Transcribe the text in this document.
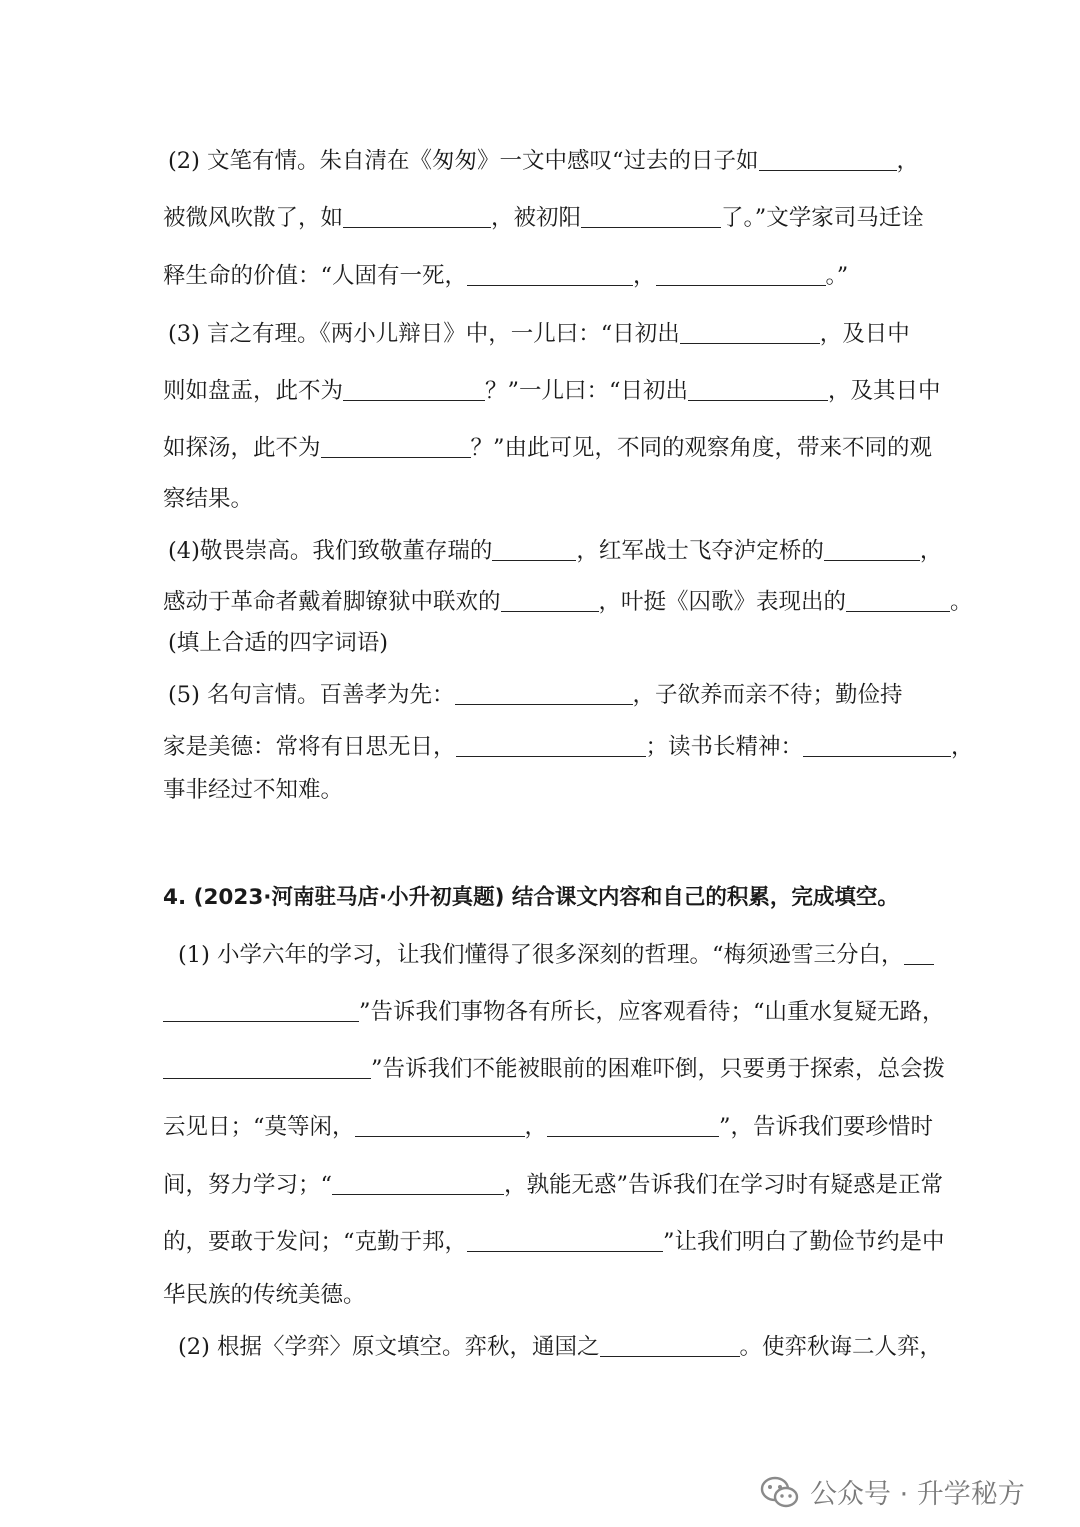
(2) 文笔有情。朱自清在《匆匆》一文中感叹“过去的日子如	，
被微风吹散了，如	，被初阳	了。”文学家司马迁诠
释生命的价值：“人固有一死，	，	。”
(3) 言之有理。《两小儿辩日》中，一儿曰：“日初出	，及日中
则如盘盂，此不为	？”一儿曰：“日初出	，及其日中
如探汤，此不为	？”由此可见，不同的观察角度，带来不同的观
察结果。
(4)敬畏崇高。我们致敬董存瑞的	，红军战士飞夺泸定桥的	，
感动于革命者戴着脚镣狱中联欢的	，叶挺《囚歌》表现出的	。
(填上合适的四字词语)
(5) 名句言情。百善孝为先：	，子欲养而亲不待；勤俭持
家是美德：常将有日思无日，	；读书长精神：	，
事非经过不知难。
4. (2023·河南驻马店·小升初真题) 结合课文内容和自己的积累，完成填空。
(1) 小学六年的学习，让我们懂得了很多深刻的哲理。“梅须逊雪三分白，
”告诉我们事物各有所长，应客观看待；“山重水复疑无路，
”告诉我们不能被眼前的困难吓倒，只要勇于探索，总会拨
云见日；“莫等闲，	，	”，告诉我们要珍惜时
间，努力学习；“	，孰能无惑”告诉我们在学习时有疑惑是正常
的，要敢于发问；“克勤于邦，	”让我们明白了勤俭节约是中
华民族的传统美德。
(2) 根据〈学弈〉原文填空。弈秋，通国之	。使弈秋诲二人弈，
公众号 · 升学秘方
